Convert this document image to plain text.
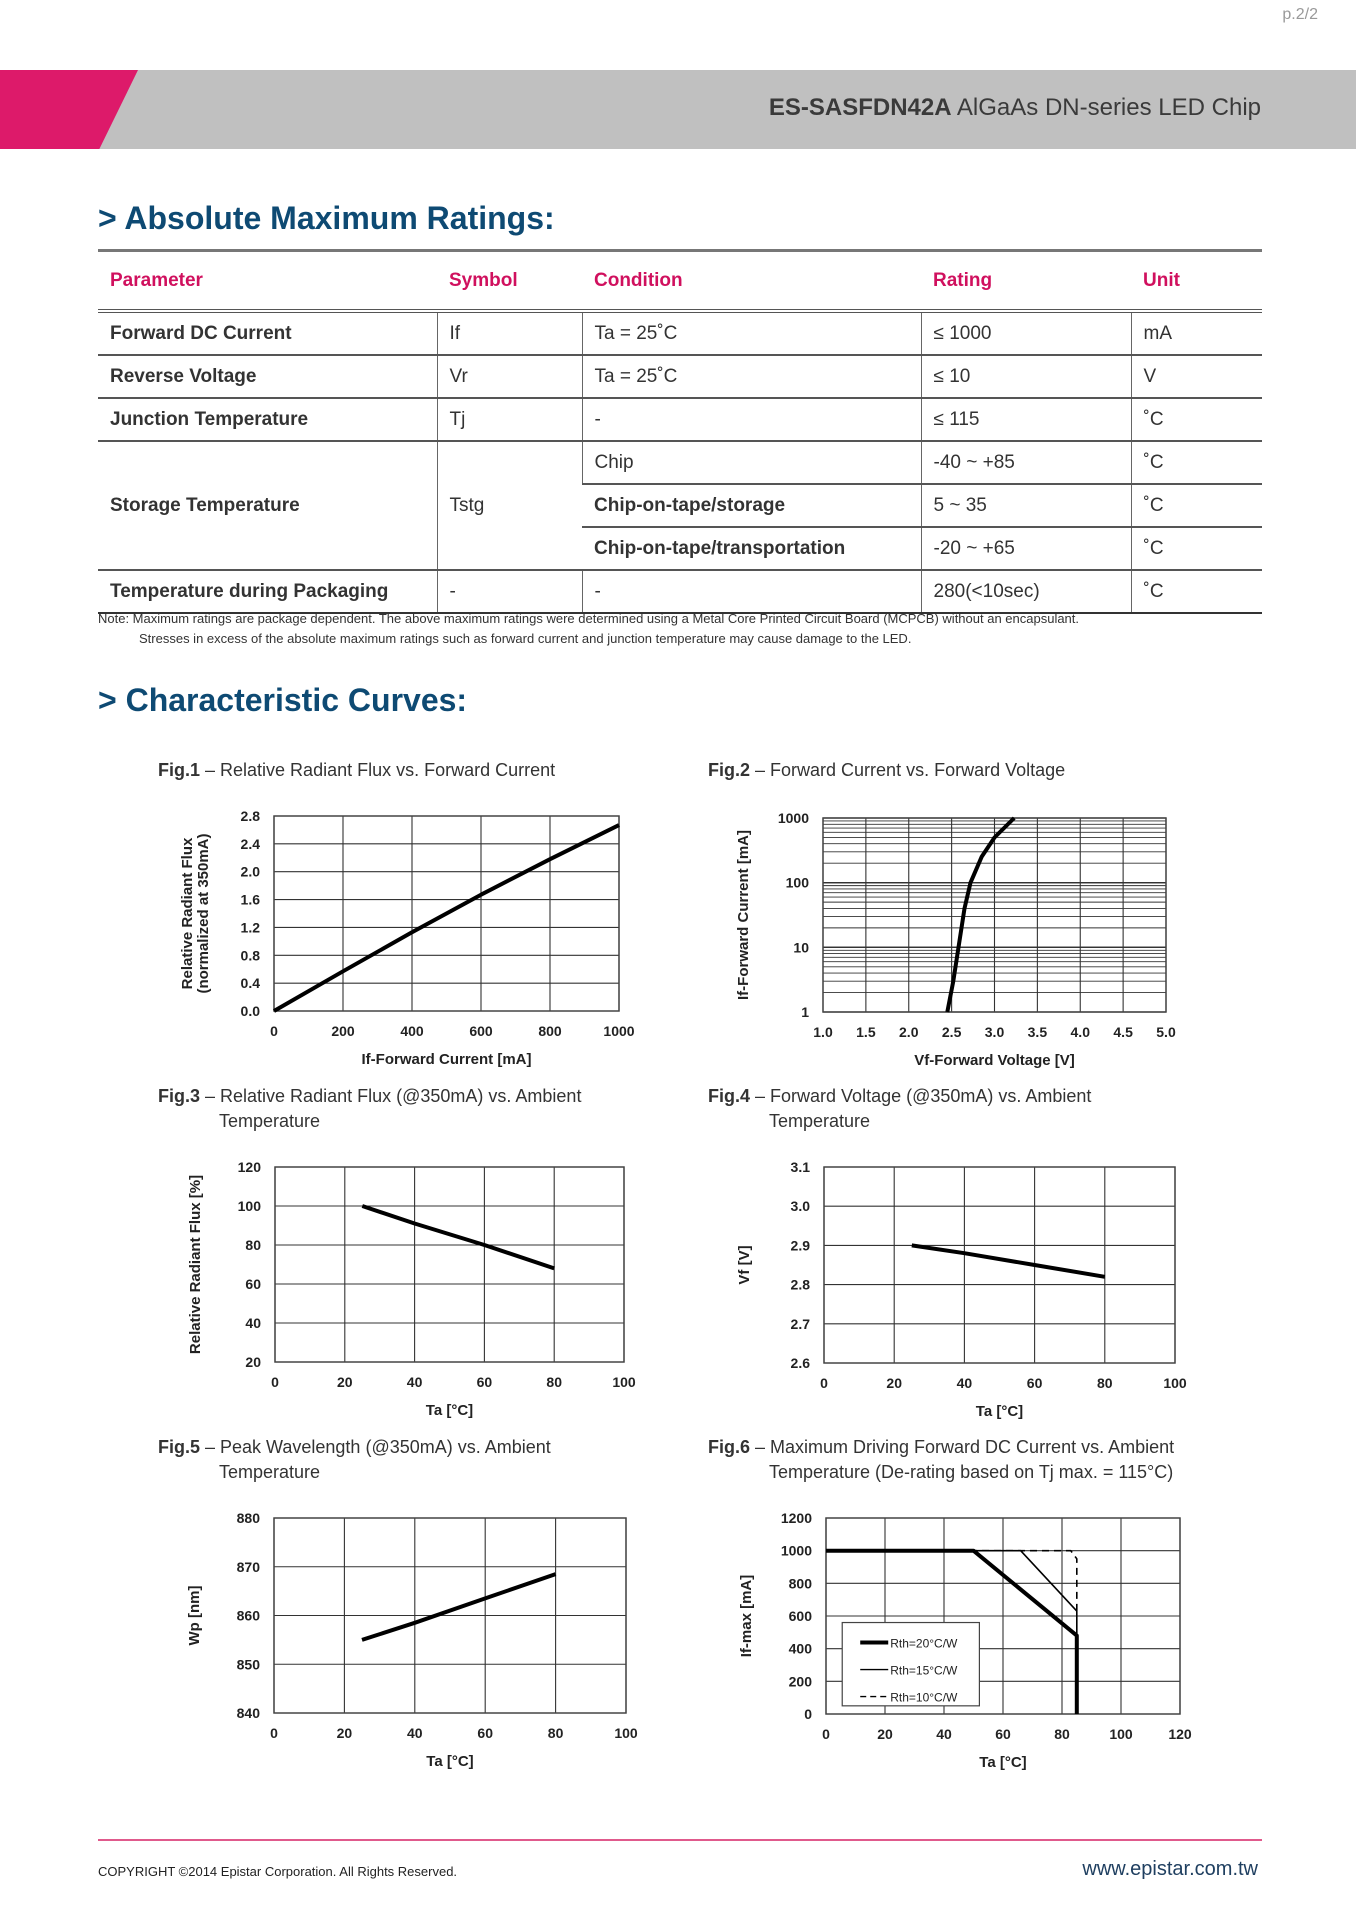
p.2/2
ES-SASFDN42A AlGaAs DN-series LED Chip
> Absolute Maximum Ratings:
Parameter	Symbol	Condition	Rating	Unit
Forward DC Current	If	Ta = 25˚C	≤ 1000	mA
Reverse Voltage	Vr	Ta = 25˚C	≤ 10	V
Junction Temperature	Tj	-	≤ 115	˚C
Storage Temperature	Tstg	Chip	-40 ~ +85	˚C
		Chip-on-tape/storage	5 ~ 35	˚C
		Chip-on-tape/transportation	-20 ~ +65	˚C
Temperature during Packaging	-	-	280(<10sec)	˚C
Note: Maximum ratings are package dependent. The above maximum ratings were determined using a Metal Core Printed Circuit Board (MCPCB) without an encapsulant.
Stresses in excess of the absolute maximum ratings such as forward current and junction temperature may cause damage to the LED.
> Characteristic Curves:
Fig.1 – Relative Radiant Flux vs. Forward Current	Fig.2 – Forward Current vs. Forward Voltage
Fig.3 – Relative Radiant Flux (@350mA) vs. Ambient
Temperature
Fig.4 – Forward Voltage (@350mA) vs. Ambient
Temperature
Fig.5 – Peak Wavelength (@350mA) vs. Ambient
Temperature
Fig.6 – Maximum Driving Forward DC Current vs. Ambient
Temperature (De-rating based on Tj max. = 115°C)
0.0
0.4
0.8
1.2
1.6
2.0
2.4
2.8
0	200	400	600	800	1000
If-Forward Current [mA]
Relative Radiant Flux (normalized at 350mA)
1
10
100
1000
1.0 1.5 2.0 2.5 3.0 3.5 4.0 4.5 5.0
Vf-Forward Voltage [V]
If-Forward Current [mA]
20
40
60
80
100
120
0	20	40	60	80	100
Ta [°C]
Relative Radiant Flux [%]
2.6
2.7
2.8
2.9
3.0
3.1
0	20	40	60	80	100
Ta [°C]
Vf [V]
840
850
860
870
880
0	20	40	60	80	100
Ta [°C]
Wp [nm]
0
200
400
600
800
1000
1200
0	20	40	60	80	100	120
Ta [°C]
If-max [mA]	Rth=20°C/W
Rth=15°C/W
Rth=10°C/W
COPYRIGHT ©2014 Epistar Corporation. All Rights Reserved.	www.epistar.com.tw
